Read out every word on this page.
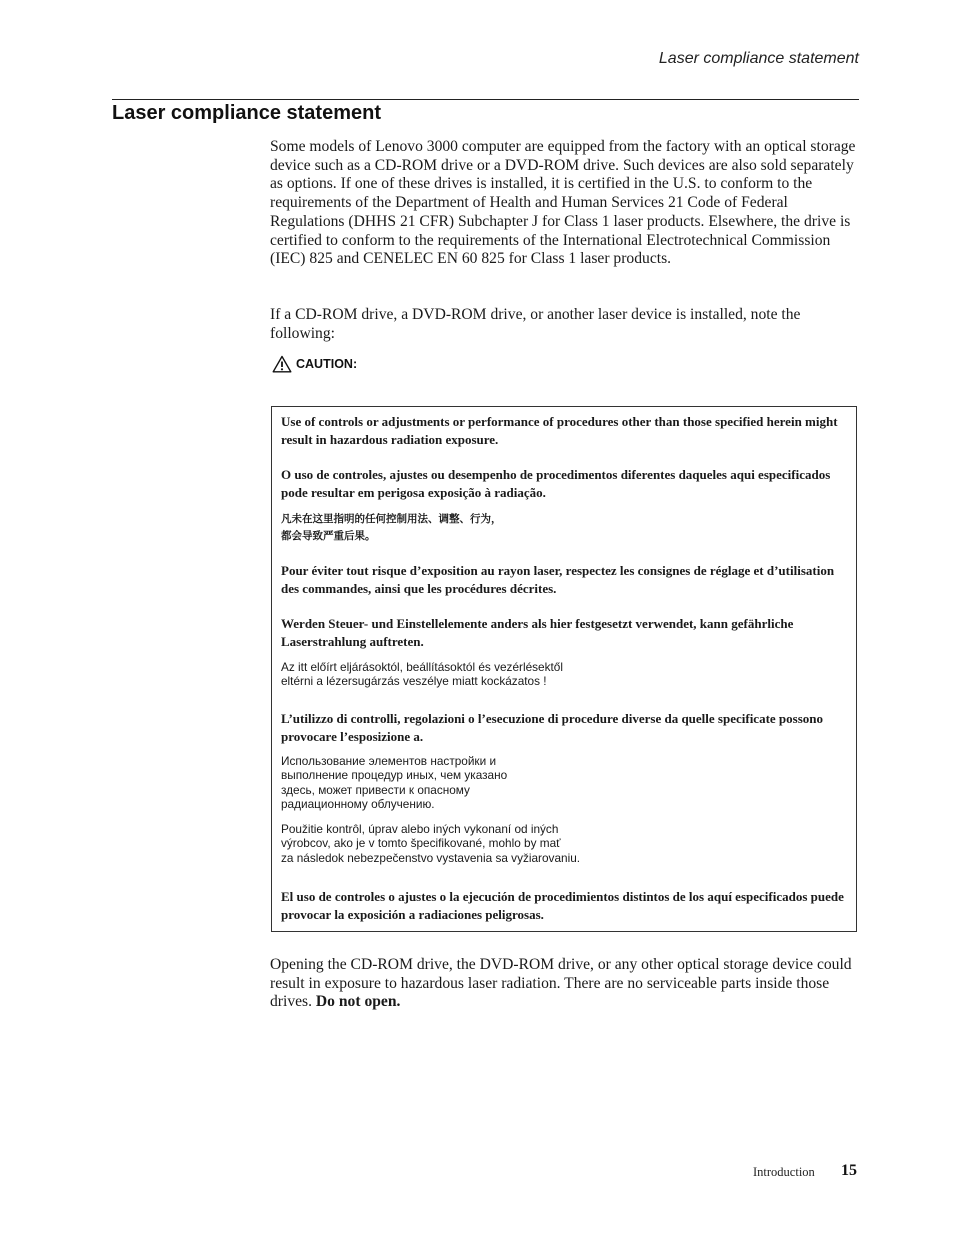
Laser compliance statement
Laser compliance statement

Some models of Lenovo 3000 computer are equipped from the factory with an optical storage device such as a CD-ROM drive or a DVD-ROM drive. Such devices are also sold separately as options. If one of these drives is installed, it is certified in the U.S. to conform to the requirements of the Department of Health and Human Services 21 Code of Federal Regulations (DHHS 21 CFR) Subchapter J for Class 1 laser products. Elsewhere, the drive is certified to conform to the requirements of the International Electrotechnical Commission (IEC) 825 and CENELEC EN 60 825 for Class 1 laser products.

If a CD-ROM drive, a DVD-ROM drive, or another laser device is installed, note the following:

CAUTION:

Use of controls or adjustments or performance of procedures other than those specified herein might result in hazardous radiation exposure.

O uso de controles, ajustes ou desempenho de procedimentos diferentes daqueles aqui especificados pode resultar em perigosa exposição à radiação.

凡未在这里指明的任何控制用法、调整、行为，
都会导致严重后果。

Pour éviter tout risque d’exposition au rayon laser, respectez les consignes de réglage et d’utilisation des commandes, ainsi que les procédures décrites.

Werden Steuer- und Einstellelemente anders als hier festgesetzt verwendet, kann gefährliche Laserstrahlung auftreten.

Az itt előírt eljárásoktól, beállításoktól és vezérlésektől
eltérni a lézersugárzás veszélye miatt kockázatos !

L’utilizzo di controlli, regolazioni o l’esecuzione di procedure diverse da quelle specificate possono provocare l’esposizione a.

Использование элементов настройки и
выполнение процедур иных, чем указано
здесь, может привести к опасному
радиационному облучению.

Použitie kontrôl, úprav alebo iných vykonaní od iných
výrobcov, ako je v tomto špecifikované, mohlo by mať
za následok nebezpečenstvo vystavenia sa vyžiarovaniu.

El uso de controles o ajustes o la ejecución de procedimientos distintos de los aquí especificados puede provocar la exposición a radiaciones peligrosas.

Opening the CD-ROM drive, the DVD-ROM drive, or any other optical storage device could result in exposure to hazardous laser radiation. There are no serviceable parts inside those drives. Do not open.

Introduction 15
